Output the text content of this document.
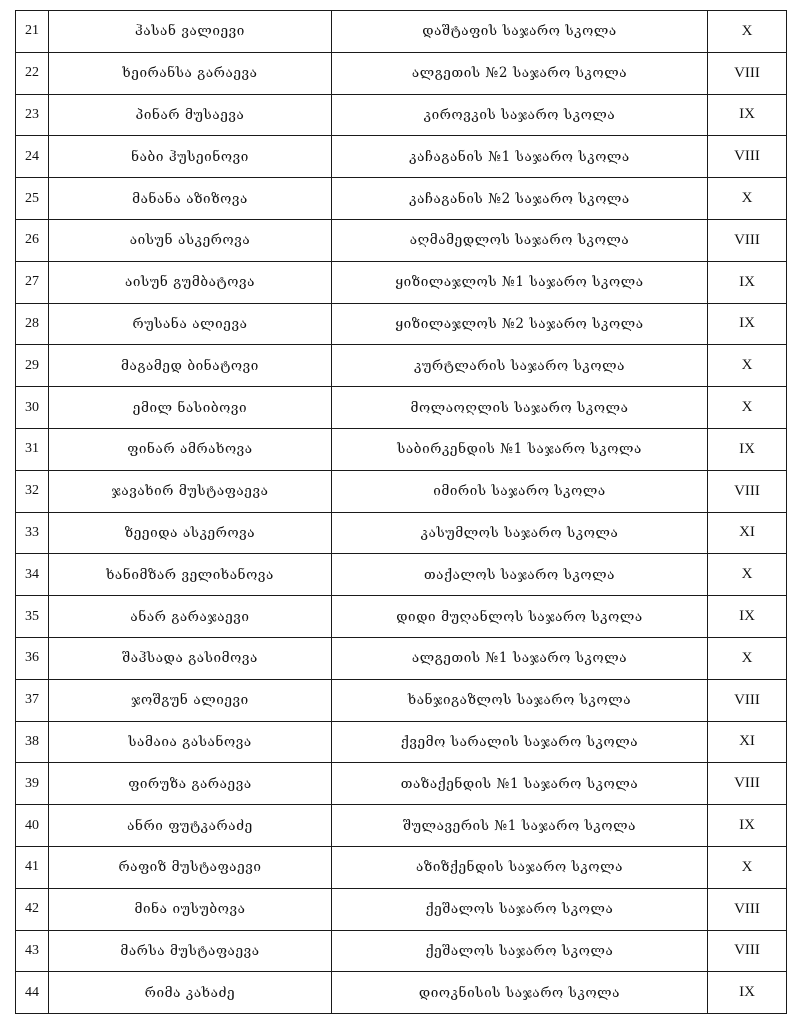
21	ჰასან ვალიევი	დაშტაფის საჯარო სკოლა	X
22	ხეირანსა გარაევა	ალგეთის №2 საჯარო სკოლა	VIII
23	პინარ მუსაევა	კიროვკის საჯარო სკოლა	IX
24	ნაბი ჰუსეინოვი	კაჩაგანის №1 საჯარო სკოლა	VIII
25	მანანა აზიზოვა	კაჩაგანის №2 საჯარო სკოლა	X
26	აისუნ ასკეროვა	აღმამედლოს საჯარო სკოლა	VIII
27	აისუნ გუმბატოვა	ყიზილაჯლოს №1 საჯარო სკოლა	IX
28	რუსანა ალიევა	ყიზილაჯლოს №2 საჯარო სკოლა	IX
29	მაგამედ ბინატოვი	კურტლარის საჯარო სკოლა	X
30	ემილ ნასიბოვი	მოლაოღლის საჯარო სკოლა	X
31	ფინარ ამრახოვა	საბირკენდის №1 საჯარო სკოლა	IX
32	ჯავახირ მუსტაფაევა	იმირის საჯარო სკოლა	VIII
33	ზეეიდა ასკეროვა	კასუმლოს საჯარო სკოლა	XI
34	ხანიმზარ ველიხანოვა	თაქალოს საჯარო სკოლა	X
35	ანარ გარაჯაევი	დიდი მუღანლოს საჯარო სკოლა	IX
36	შაჰსადა გასიმოვა	ალგეთის №1 საჯარო სკოლა	X
37	ჯოშგუნ ალიევი	ხანჯიგაზლოს საჯარო სკოლა	VIII
38	სამაია გასანოვა	ქვემო სარალის საჯარო სკოლა	XI
39	ფირუზა გარაევა	თაზაქენდის №1 საჯარო სკოლა	VIII
40	ანრი ფუტკარაძე	შულავერის №1 საჯარო სკოლა	IX
41	რაფიზ მუსტაფაევი	აზიზქენდის საჯარო სკოლა	X
42	მინა იუსუბოვა	ქეშალოს საჯარო სკოლა	VIII
43	მარსა მუსტაფაევა	ქეშალოს საჯარო სკოლა	VIII
44	რიმა კახაძე	დიოკნისის საჯარო სკოლა	IX
